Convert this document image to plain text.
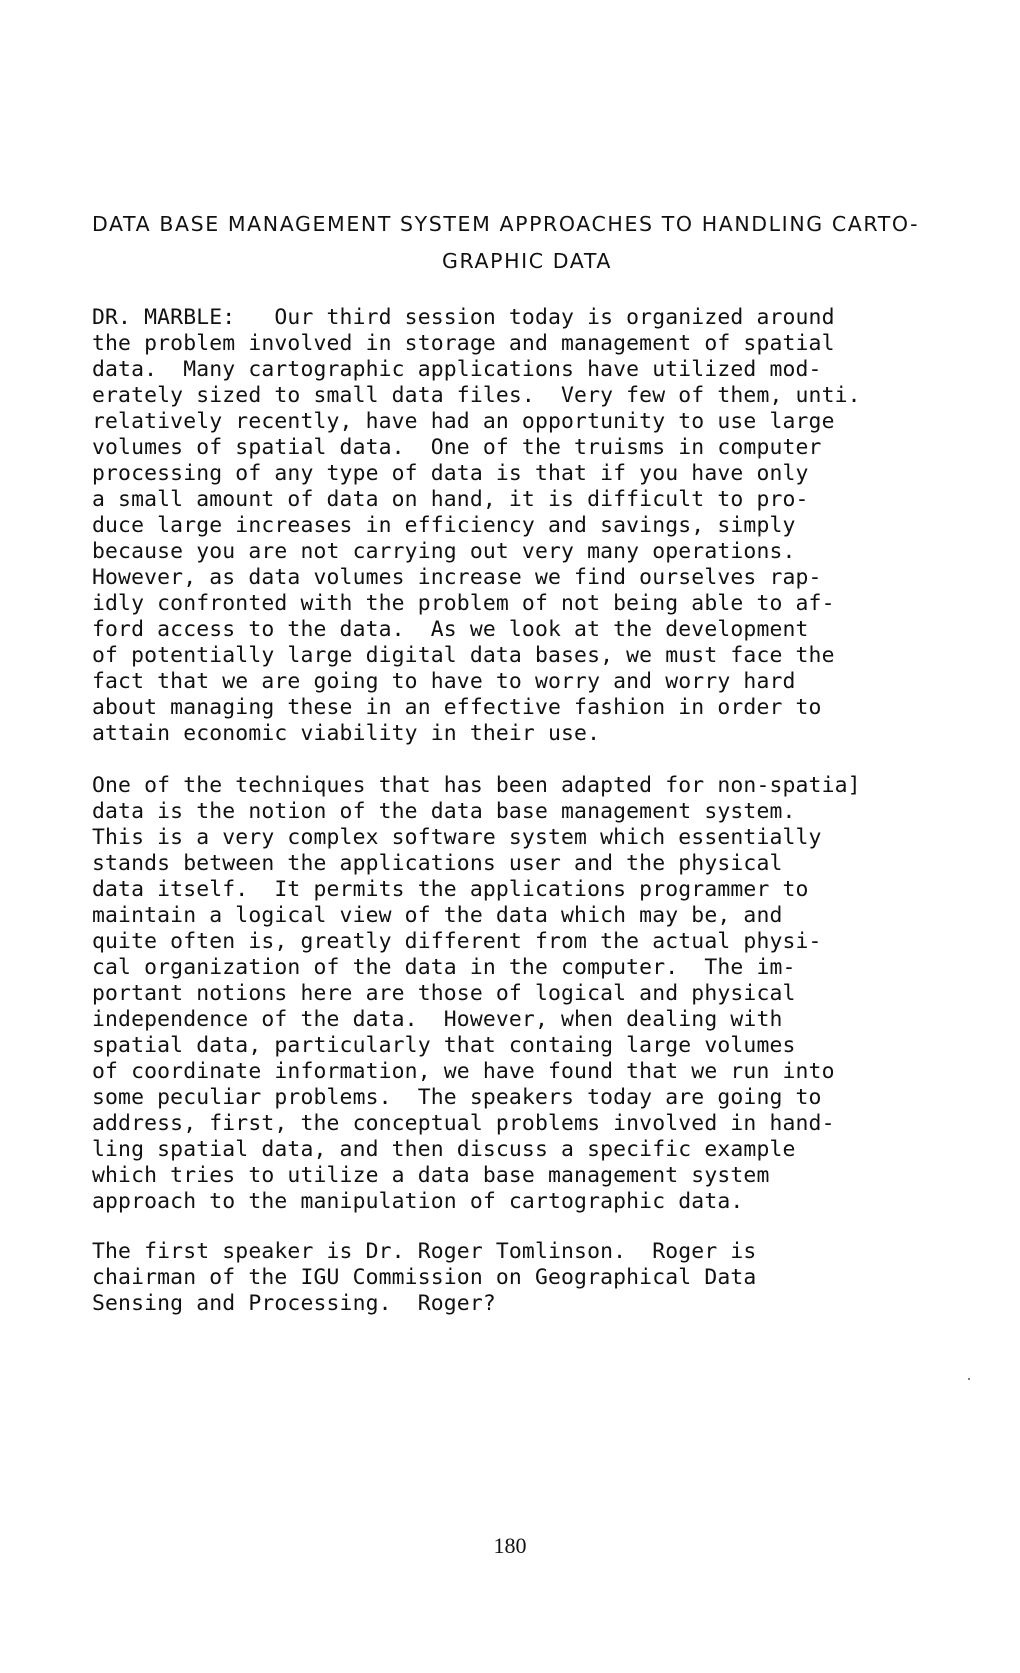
DATA BASE MANAGEMENT SYSTEM APPROACHES TO HANDLING CARTO-
GRAPHIC DATA
DR. MARBLE:   Our third session today is organized around
the problem involved in storage and management of spatial
data.  Many cartographic applications have utilized mod-
erately sized to small data files.  Very few of them, unti.
relatively recently, have had an opportunity to use large
volumes of spatial data.  One of the truisms in computer
processing of any type of data is that if you have only
a small amount of data on hand, it is difficult to pro-
duce large increases in efficiency and savings, simply
because you are not carrying out very many operations.
However, as data volumes increase we find ourselves rap-
idly confronted with the problem of not being able to af-
ford access to the data.  As we look at the development
of potentially large digital data bases, we must face the
fact that we are going to have to worry and worry hard
about managing these in an effective fashion in order to
attain economic viability in their use.
One of the techniques that has been adapted for non-spatia]
data is the notion of the data base management system.
This is a very complex software system which essentially
stands between the applications user and the physical
data itself.  It permits the applications programmer to
maintain a logical view of the data which may be, and
quite often is, greatly different from the actual physi-
cal organization of the data in the computer.  The im-
portant notions here are those of logical and physical
independence of the data.  However, when dealing with
spatial data, particularly that containg large volumes
of coordinate information, we have found that we run into
some peculiar problems.  The speakers today are going to
address, first, the conceptual problems involved in hand-
ling spatial data, and then discuss a specific example
which tries to utilize a data base management system
approach to the manipulation of cartographic data.
The first speaker is Dr. Roger Tomlinson.  Roger is
chairman of the IGU Commission on Geographical Data
Sensing and Processing.  Roger?
180
